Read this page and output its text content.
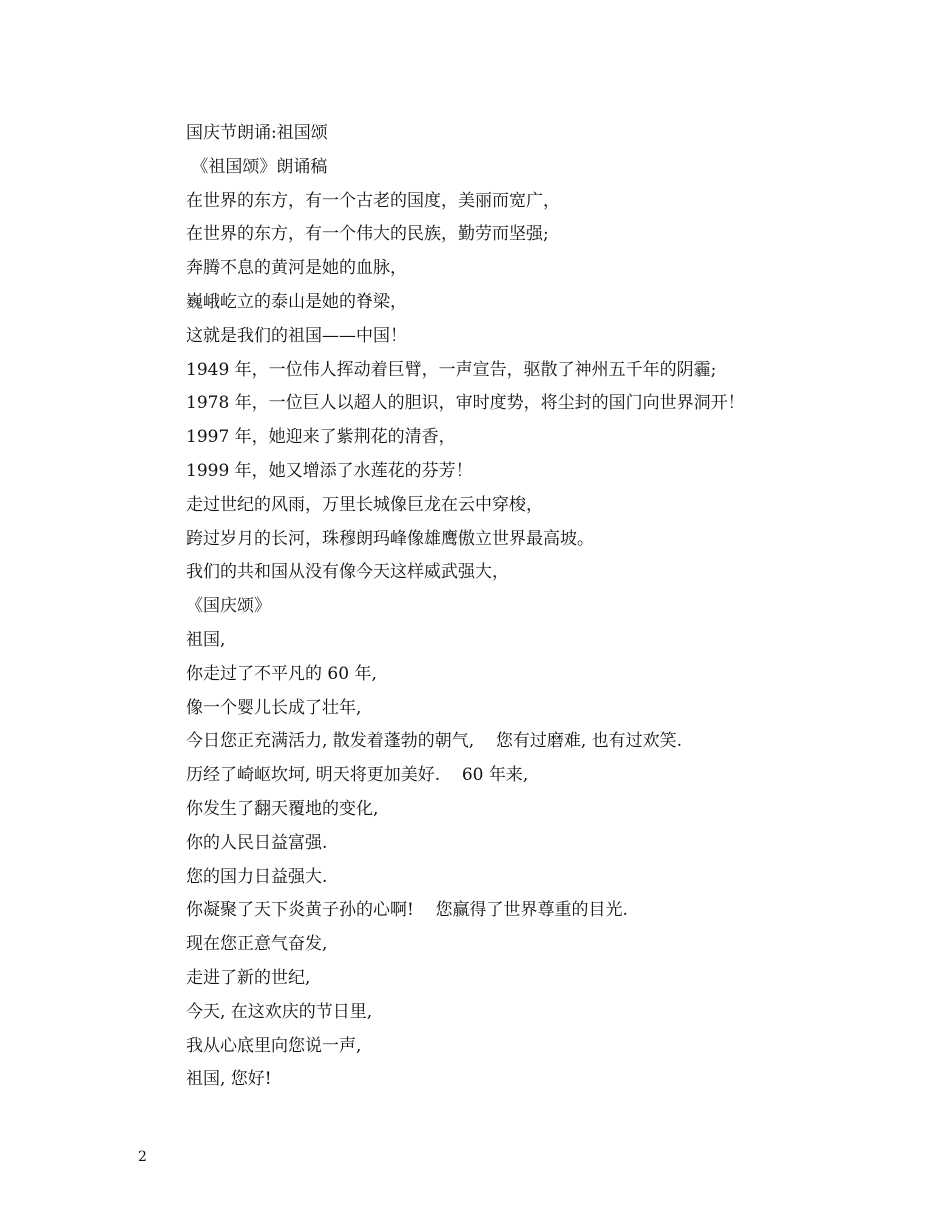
国庆节朗诵:祖国颂
《祖国颂》朗诵稿
在世界的东方，有一个古老的国度，美丽而宽广，
在世界的东方，有一个伟大的民族，勤劳而坚强;
奔腾不息的黄河是她的血脉，
巍峨屹立的泰山是她的脊梁，
这就是我们的祖国——中国！
1949 年，一位伟人挥动着巨臂，一声宣告，驱散了神州五千年的阴霾;
1978 年，一位巨人以超人的胆识，审时度势，将尘封的国门向世界洞开！
1997 年，她迎来了紫荆花的清香，
1999 年，她又增添了水莲花的芬芳！
走过世纪的风雨，万里长城像巨龙在云中穿梭，
跨过岁月的长河，珠穆朗玛峰像雄鹰傲立世界最高坡。
我们的共和国从没有像今天这样威武强大，
《国庆颂》
祖国,
你走过了不平凡的 60 年,
像一个婴儿长成了壮年,
今日您正充满活力, 散发着蓬勃的朝气,    您有过磨难, 也有过欢笑.
历经了崎岖坎坷, 明天将更加美好.    60 年来,
你发生了翻天覆地的变化,
你的人民日益富强.
您的国力日益强大.
你凝聚了天下炎黄子孙的心啊!    您赢得了世界尊重的目光.
现在您正意气奋发,
走进了新的世纪,
今天, 在这欢庆的节日里,
我从心底里向您说一声,
祖国, 您好!
2
